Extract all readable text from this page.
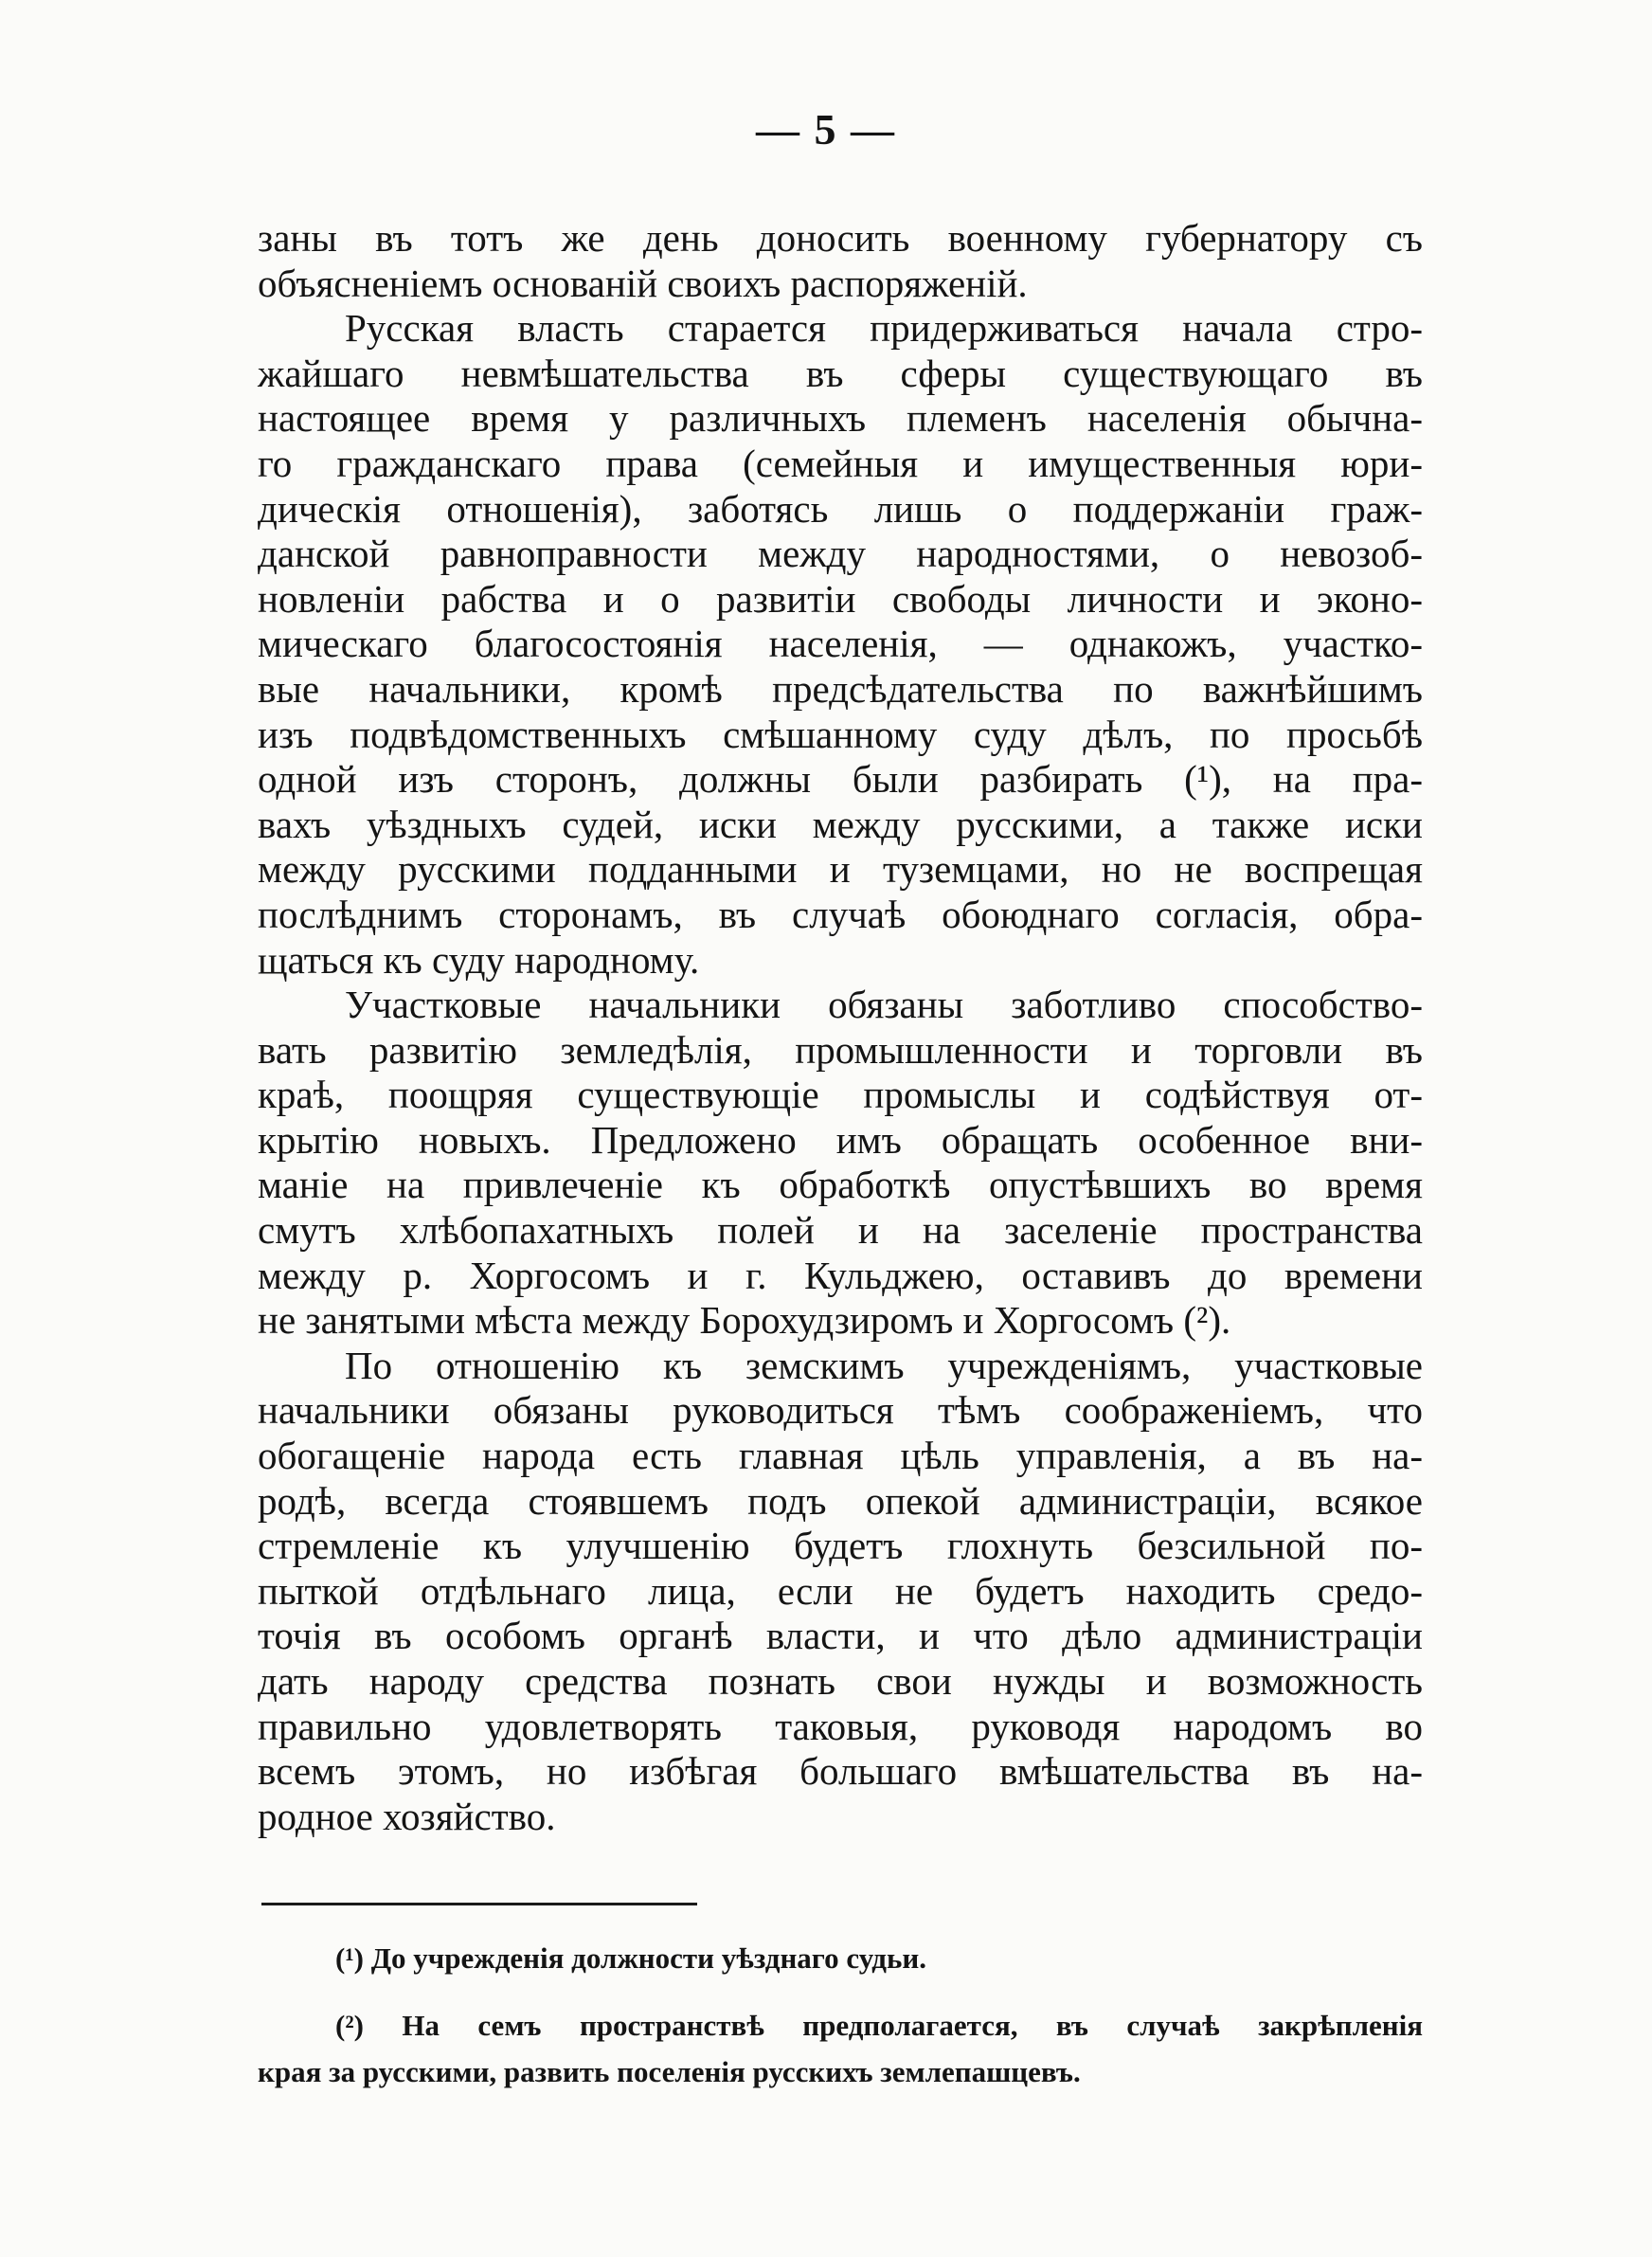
— 5 —
заны въ тотъ же день доносить военному губернатору съ
объясненіемъ основаній своихъ распоряженій.
Русская власть старается придерживаться начала стро-
жайшаго невмѣшательства въ сферы существующаго въ
настоящее время у различныхъ племенъ населенія обычна-
го гражданскаго права (семейныя и имущественныя юри-
дическія отношенія), заботясь лишь о поддержаніи граж-
данской равноправности между народностями, о невозоб-
новленіи рабства и о развитіи свободы личности и эконо-
мическаго благосостоянія населенія, — однакожъ, участко-
вые начальники, кромѣ предсѣдательства по важнѣйшимъ
изъ подвѣдомственныхъ смѣшанному суду дѣлъ, по просьбѣ
одной изъ сторонъ, должны были разбирать (¹), на пра-
вахъ уѣздныхъ судей, иски между русскими, а также иски
между русскими подданными и туземцами, но не воспрещая
послѣднимъ сторонамъ, въ случаѣ обоюднаго согласія, обра-
щаться къ суду народному.
Участковые начальники обязаны заботливо способство-
вать развитію земледѣлія, промышленности и торговли въ
краѣ, поощряя существующіе промыслы и содѣйствуя от-
крытію новыхъ. Предложено имъ обращать особенное вни-
маніе на привлеченіе къ обработкѣ опустѣвшихъ во время
смутъ хлѣбопахатныхъ полей и на заселеніе пространства
между р. Хоргосомъ и г. Кульджею, оставивъ до времени
не занятыми мѣста между Борохудзиромъ и Хоргосомъ (²).
По отношенію къ земскимъ учрежденіямъ, участковые
начальники обязаны руководиться тѣмъ соображеніемъ, что
обогащеніе народа есть главная цѣль управленія, а въ на-
родѣ, всегда стоявшемъ подъ опекой администраціи, всякое
стремленіе къ улучшенію будетъ глохнуть безсильной по-
пыткой отдѣльнаго лица, если не будетъ находить средо-
точія въ особомъ органѣ власти, и что дѣло администраціи
дать народу средства познать свои нужды и возможность
правильно удовлетворять таковыя, руководя народомъ во
всемъ этомъ, но избѣгая большаго вмѣшательства въ на-
родное хозяйство.
(¹) До учрежденія должности уѣзднаго судьи.
(²) На семъ пространствѣ предполагается, въ случаѣ закрѣпленія
края за русскими, развить поселенія русскихъ землепашцевъ.
